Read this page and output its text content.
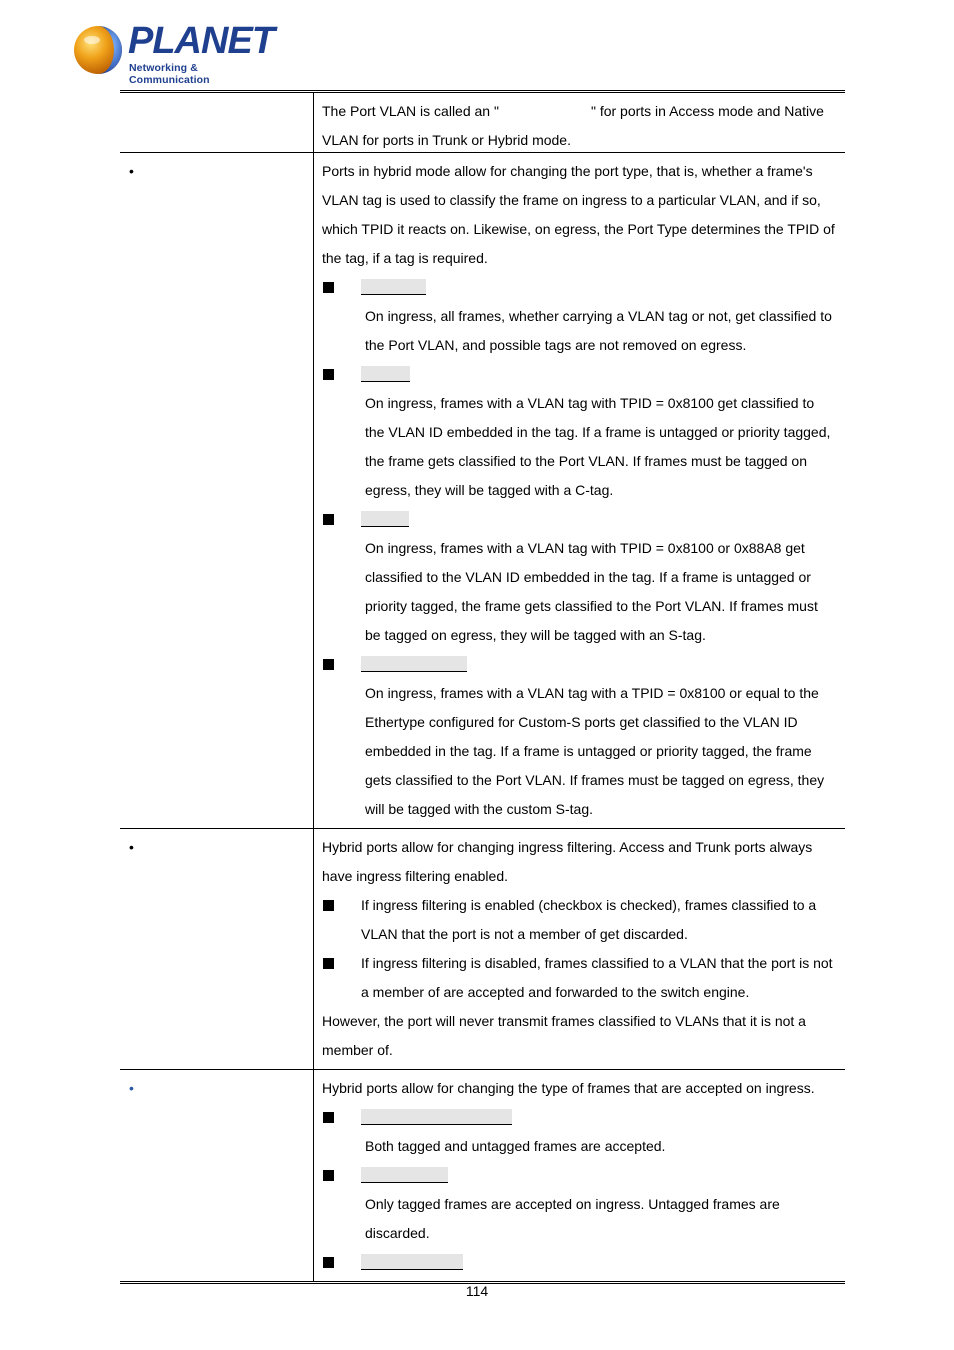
PLANET
Networking & Communication
The Port VLAN is called an "	" for ports in Access mode and Native
VLAN for ports in Trunk or Hybrid mode.
•	Ports in hybrid mode allow for changing the port type, that is, whether a frame's VLAN tag is used to classify the frame on ingress to a particular VLAN, and if so, which TPID it reacts on. Likewise, on egress, the Port Type determines the TPID of the tag, if a tag is required.
On ingress, all frames, whether carrying a VLAN tag or not, get classified to the Port VLAN, and possible tags are not removed on egress.
On ingress, frames with a VLAN tag with TPID = 0x8100 get classified to the VLAN ID embedded in the tag. If a frame is untagged or priority tagged, the frame gets classified to the Port VLAN. If frames must be tagged on egress, they will be tagged with a C-tag.
On ingress, frames with a VLAN tag with TPID = 0x8100 or 0x88A8 get classified to the VLAN ID embedded in the tag. If a frame is untagged or priority tagged, the frame gets classified to the Port VLAN. If frames must be tagged on egress, they will be tagged with an S-tag.
On ingress, frames with a VLAN tag with a TPID = 0x8100 or equal to the Ethertype configured for Custom-S ports get classified to the VLAN ID embedded in the tag. If a frame is untagged or priority tagged, the frame gets classified to the Port VLAN. If frames must be tagged on egress, they will be tagged with the custom S-tag.
•	Hybrid ports allow for changing ingress filtering. Access and Trunk ports always have ingress filtering enabled.
If ingress filtering is enabled (checkbox is checked), frames classified to a VLAN that the port is not a member of get discarded.
If ingress filtering is disabled, frames classified to a VLAN that the port is not a member of are accepted and forwarded to the switch engine.
However, the port will never transmit frames classified to VLANs that it is not a member of.
•	Hybrid ports allow for changing the type of frames that are accepted on ingress.
Both tagged and untagged frames are accepted.
Only tagged frames are accepted on ingress. Untagged frames are discarded.
114
